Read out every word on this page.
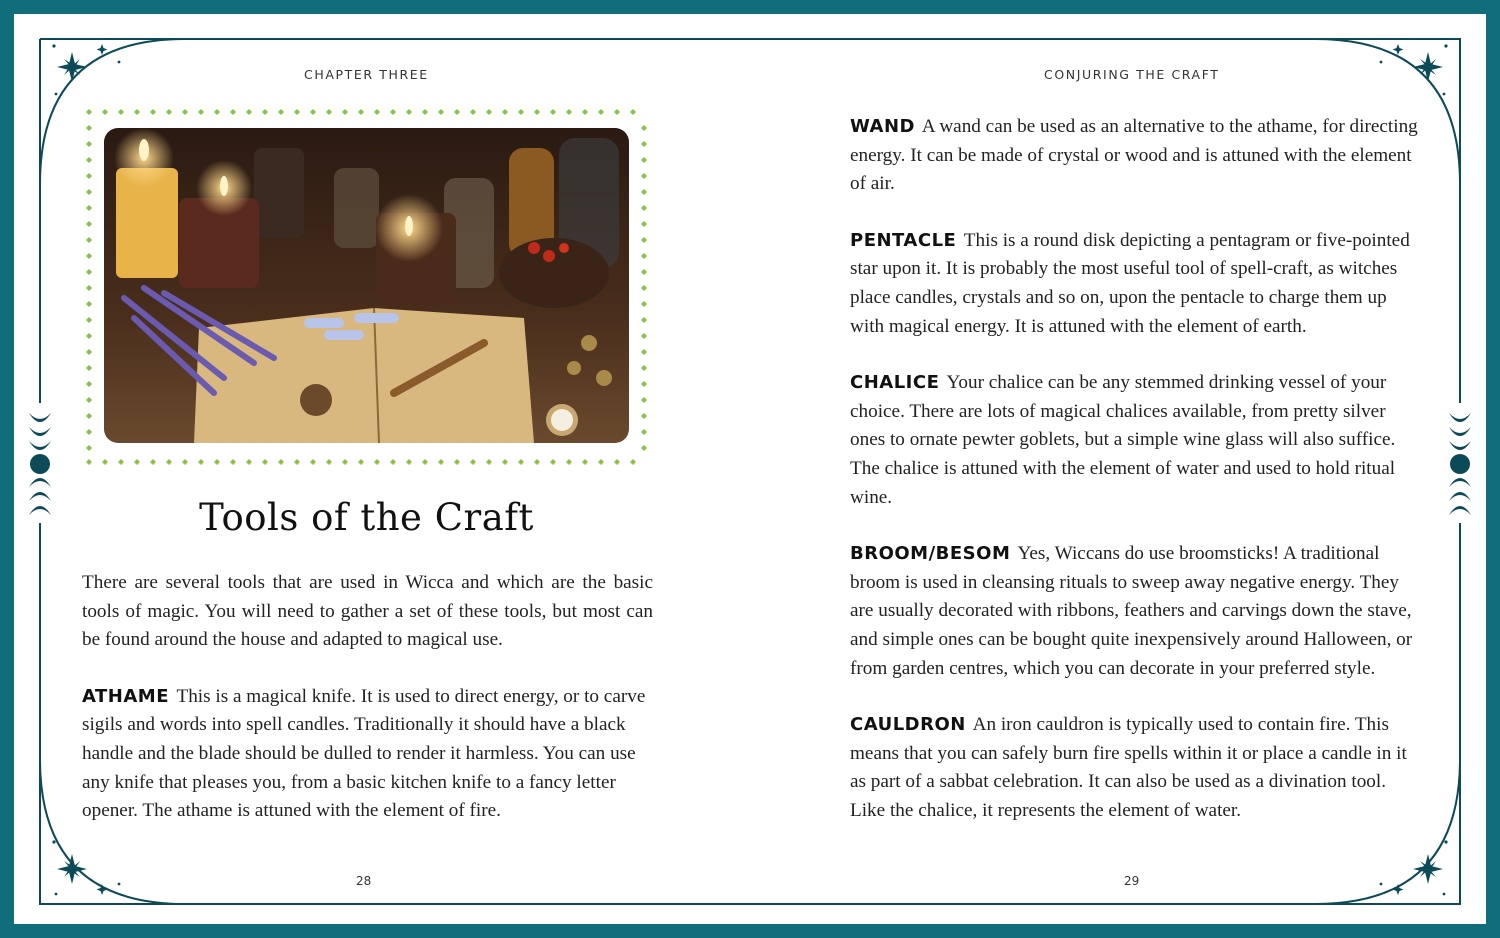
CHAPTER THREE
Tools of the Craft

There are several tools that are used in Wicca and which are the basic tools of magic. You will need to gather a set of these tools, but most can be found around the house and adapted to magical use.

ATHAME This is a magical knife. It is used to direct energy, or to carve sigils and words into spell candles. Traditionally it should have a black handle and the blade should be dulled to render it harmless. You can use any knife that pleases you, from a basic kitchen knife to a fancy letter opener. The athame is attuned with the element of fire.

28
CONJURING THE CRAFT

WAND A wand can be used as an alternative to the athame, for directing energy. It can be made of crystal or wood and is attuned with the element of air.

PENTACLE This is a round disk depicting a pentagram or five-pointed star upon it. It is probably the most useful tool of spell-craft, as witches place candles, crystals and so on, upon the pentacle to charge them up with magical energy. It is attuned with the element of earth.

CHALICE Your chalice can be any stemmed drinking vessel of your choice. There are lots of magical chalices available, from pretty silver ones to ornate pewter goblets, but a simple wine glass will also suffice. The chalice is attuned with the element of water and used to hold ritual wine.

BROOM/BESOM Yes, Wiccans do use broomsticks! A traditional broom is used in cleansing rituals to sweep away negative energy. They are usually decorated with ribbons, feathers and carvings down the stave, and simple ones can be bought quite inexpensively around Halloween, or from garden centres, which you can decorate in your preferred style.

CAULDRON An iron cauldron is typically used to contain fire. This means that you can safely burn fire spells within it or place a candle in it as part of a sabbat celebration. It can also be used as a divination tool. Like the chalice, it represents the element of water.

29
